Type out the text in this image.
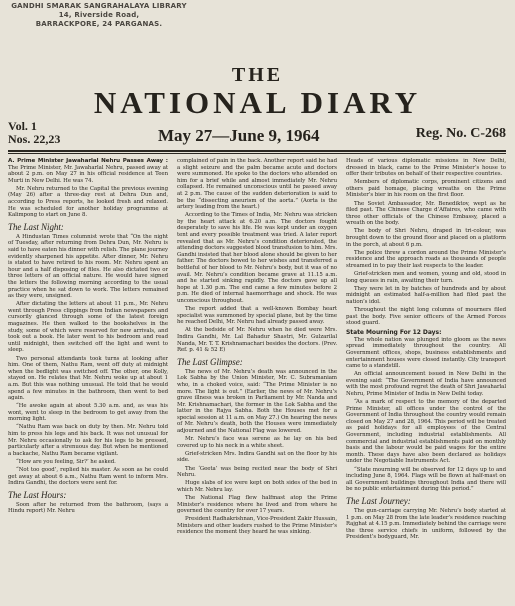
GANDHI SMARAK SANGRAHALAYA LIBRARY
14, Riverside Road,
BARRACKPORE, 24 PARGANAS.
THE
NATIONAL DIARY
Vol. 1
Nos. 22,23	May 27—June 9, 1964	Reg. No. C-268

A. Prime Minister Jawaharlal Nehru Passes Away : The Prime Minister, Mr. Jawaharlal Nehru, passed away at about 2 p.m. on May 27 in his official residence at Teen Murti in New Delhi. He was 74.

Mr. Nehru returned to the Capital the previous evening (May 26) after a three-day rest at Dehra Dun and, according to Press reports, he looked fresh and relaxed. He was scheduled for another holiday programme at Kalimpong to start on June 8.

The Last Night:

A Hindustan Times columnist wrote that “On the night of Tuesday, after returning from Dehra Dun, Mr. Nehru is said to have eaten his dinner with relish. The plane journey evidently sharpened his appetite. After dinner, Mr. Nehru is stated to have retired to his room. Mr. Nehru spent an hour and a half disposing of files. He also dictated two or three letters of an official nature. He would have signed the letters the following morning according to the usual practice when he sat down to work. The letters remained as they were, unsigned.

After dictating the letters at about 11 p.m., Mr. Nehru went through Press clippings from Indian newspapers and cursorily glanced through some of the latest foreign magazines. He then walked to the bookshelves in the study, some of which were reserved for new arrivals, and took out a book. He later went to his bedroom and read until midnight, then switched off the light and went to sleep.

Two personal attendants took turns at looking after him. One of them, Nathu Ram, went off duty at midnight when the bedlight was switched off. The other, one Kolly, stayed on. He relates that Mr. Nehru woke up at about 1 a.m. But this was nothing unusual. He told that he would spend a few minutes in the bathroom, then went to bed again.

“He awoke again at about 5.30 a.m. and, as was his wont, went to sleep in the bedroom to get away from the morning light.

“Nathu Ram was back on duty by then. Mr. Nehru told him to press his legs and his back. It was not unusual for Mr. Nehru occasionally to ask for his legs to be pressed, particularly after a strenuous day. But when he mentioned a backache, Nathu Ram became vigilant.

“How are you feeling, Sir?’ he asked.

“Not too good’, replied his master. As soon as he could get away at about 6 a.m., Nathu Ram went to inform Mrs. Indira Gandhi, the doctors were sent for.

The Last Hours:

Soon after he returned from the bathroom, (says a Hindu report) Mr. Nehru

complained of pain in the back. Another report said he had a slight seizure and the palm became acute and doctors were summoned. He spoke to the doctors who attended on him for a brief while and almost immediately Mr. Nehru collapsed. He remained unconscious until he passed away at 2 p.m. The cause of the sudden deterioration is said to be the “dissecting aneurism of the aorta.” (Aorta is the artery leading from the heart.)

According to the Times of India, Mr. Nehru was stricken by the heart attack at 6.20 a.m. The doctors fought desperately to save his life. He was kept under an oxygen tent and every possible treatment was tried. A later report revealed that as Mr. Nehru’s condition deteriorated, the attending doctors suggested blood transfusion to him. Mrs. Gandhi insisted that her blood alone should be given to her father. The doctors bowed to her wishes and transferred a bottleful of her blood to Mr. Nehru’s body, but it was of no avail. Mr. Nehru’s condition became grave at 11.15 a.m. and he started sinking rapidly. The doctors gave up all hope at 1.30 p.m. The end came a few minutes before 2 p.m. He died of internal haemorrhage and shock. He was unconscious throughout.

The report added that a well-known Bombay heart specialist was summoned by special plane, but by the time he reached Delhi, Mr. Nehru had already passed away.

At the bedside of Mr. Nehru when he died were Mrs. Indira Gandhi, Mr. Lal Bahadur Shastri, Mr. Gulzarilal Nanda, Mr. T. T. Krishnamachari besides the doctors. (Prev. Ref. p. 41 & 52 E)

The Last Glimpse:

The news of Mr. Nehru’s death was announced in the Lok Sabha by the Union Minister, Mr. C. Subramaniam who, in a choked voice, said: “The Prime Minister is no more. The light is out.” (Earlier, the news of Mr. Nehru’s grave illness was broken in Parliament by Mr. Nanda and Mr. Krishnamachari, the former in the Lok Sabha and the latter in the Rajya Sabha. Both the Houses met for a special session at 11 a.m. on May 27.) On hearing the news of Mr. Nehru’s death, both the Houses were immediately adjourned and the National Flag was lowered.

Mr. Nehru’s face was serene as he lay on his bed covered up to his neck in a white sheet.

Grief-stricken Mrs. Indira Gandhi sat on the floor by his side.

The ‘Geeta’ was being recited near the body of Shri Nehru.

Huge slabs of ice were kept on both sides of the bed in which Mr. Nehru lay.

The National Flag flew halfmast atop the Prime Minister’s residence where he lived and from where he governed the country for over 17 years.

President Radhakrishnan, Vice-President Zakir Hussain, Ministers and other leaders rushed to the Prime Minister’s residence the moment they heard he was sinking.

Heads of various diplomatic missions in New Delhi, dressed in black, came to the Prime Minister’s house to offer their tributes on behalf of their respective countries.

Members of diplomatic corps, prominent citizens and others paid homage, placing wreaths on the Prime Minister’s bier in his room on the first floor.

The Soviet Ambassador, Mr. Benediktov, wept as he filed past. The Chinese Charge d’Affaires, who came with three other officials of the Chinese Embassy, placed a wreath on the body.

The body of Shri Nehru, draped in tri-colour, was brought down to the ground floor and placed on a platform in the porch, at about 6 p.m.

The police threw a cordon around the Prime Minister’s residence and the approach roads as thousands of people streamed in to pay their last respects to the leader.

Grief-stricken men and women, young and old, stood in long queues in rain, awaiting their turn.

They were let in by batches of hundreds and by about midnight an estimated half-a-million had filed past the nation’s idol.

Throughout the night long columns of mourners filed past the body. Five senior officers of the Armed Forces stood guard.

State Mourning For 12 Days:

The whole nation was plunged into gloom as the news spread immediately throughout the country. All Government offices, shops, business establishments and entertainment houses were closed instantly. City transport came to a standstill.

An official announcement issued in New Delhi in the evening said: “The Government of India have announced with the most profound regret the death of Shri Jawaharlal Nehru, Prime Minister of India in New Delhi today.

“As a mark of respect to the memory of the departed Prime Minister, all offices under the control of the Government of India throughout the country would remain closed on May 27 and 28, 1964. This period will be treated as paid holidays for all employees of the Central Government, including industrial establishments. All commercial and industrial establishments paid on monthly basis and the labour would be paid wages for the entire month. These days have also been declared as holidays under the Negotiable Instruments Act.

“State mourning will be observed for 12 days up to and including June 8, 1964. Flags will be flown at half-mast on all Government buildings throughout India and there will be no public entertainment during this period.”

The Last Journey:

The gun-carriage carrying Mr. Nehru’s body started at 1 p.m. on May 28 from the late leader’s residence reaching Rajghat at 4.15 p.m. Immediately behind the carriage were the three service chiefs in uniform, followed by the President’s bodyguard, Mr.
